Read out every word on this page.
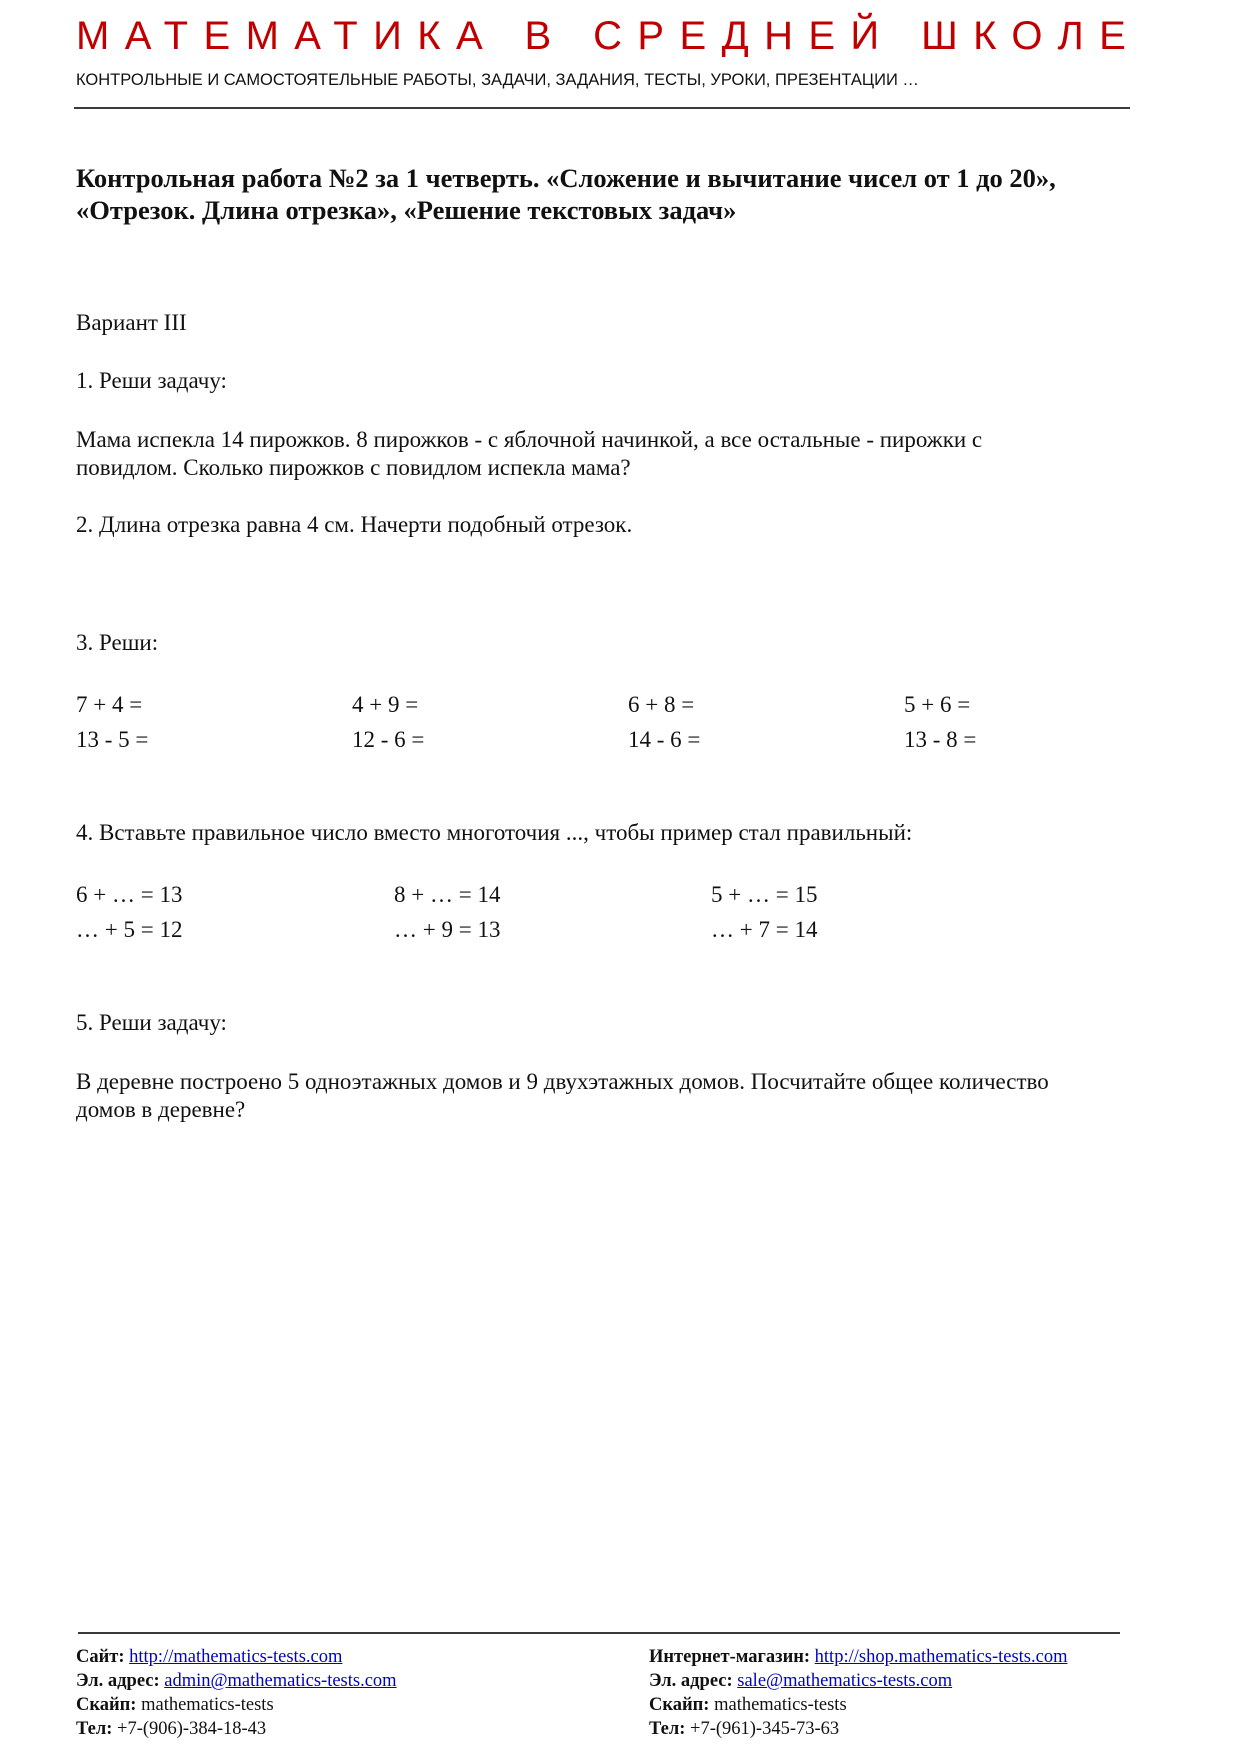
МАТЕМАТИКА В СРЕДНЕЙ ШКОЛЕ
КОНТРОЛЬНЫЕ И САМОСТОЯТЕЛЬНЫЕ РАБОТЫ, ЗАДАЧИ, ЗАДАНИЯ, ТЕСТЫ, УРОКИ, ПРЕЗЕНТАЦИИ …
Контрольная работа №2 за 1 четверть. «Сложение и вычитание чисел от 1 до 20»,
«Отрезок. Длина отрезка», «Решение текстовых задач»
Вариант III
1. Реши задачу:
Мама испекла 14 пирожков. 8 пирожков - с яблочной начинкой, а все остальные - пирожки с
повидлом. Сколько пирожков с повидлом испекла мама?
2. Длина отрезка равна 4 см. Начерти подобный отрезок.
3. Реши:
7 + 4 =	4 + 9 =	6 + 8 =	5 + 6 =
13 - 5 =	12 - 6 =	14 - 6 =	13 - 8 =
4. Вставьте правильное число вместо многоточия ..., чтобы пример стал правильный:
6 + … = 13	8 + … = 14	5 + … = 15
… + 5 = 12	… + 9 = 13	… + 7 = 14
5. Реши задачу:
В деревне построено 5 одноэтажных домов и 9 двухэтажных домов. Посчитайте общее количество
домов в деревне?
Сайт: http://mathematics-tests.com
Эл. адрес: admin@mathematics-tests.com
Скайп: mathematics-tests
Тел: +7-(906)-384-18-43
Интернет-магазин: http://shop.mathematics-tests.com
Эл. адрес: sale@mathematics-tests.com
Скайп: mathematics-tests
Тел: +7-(961)-345-73-63
